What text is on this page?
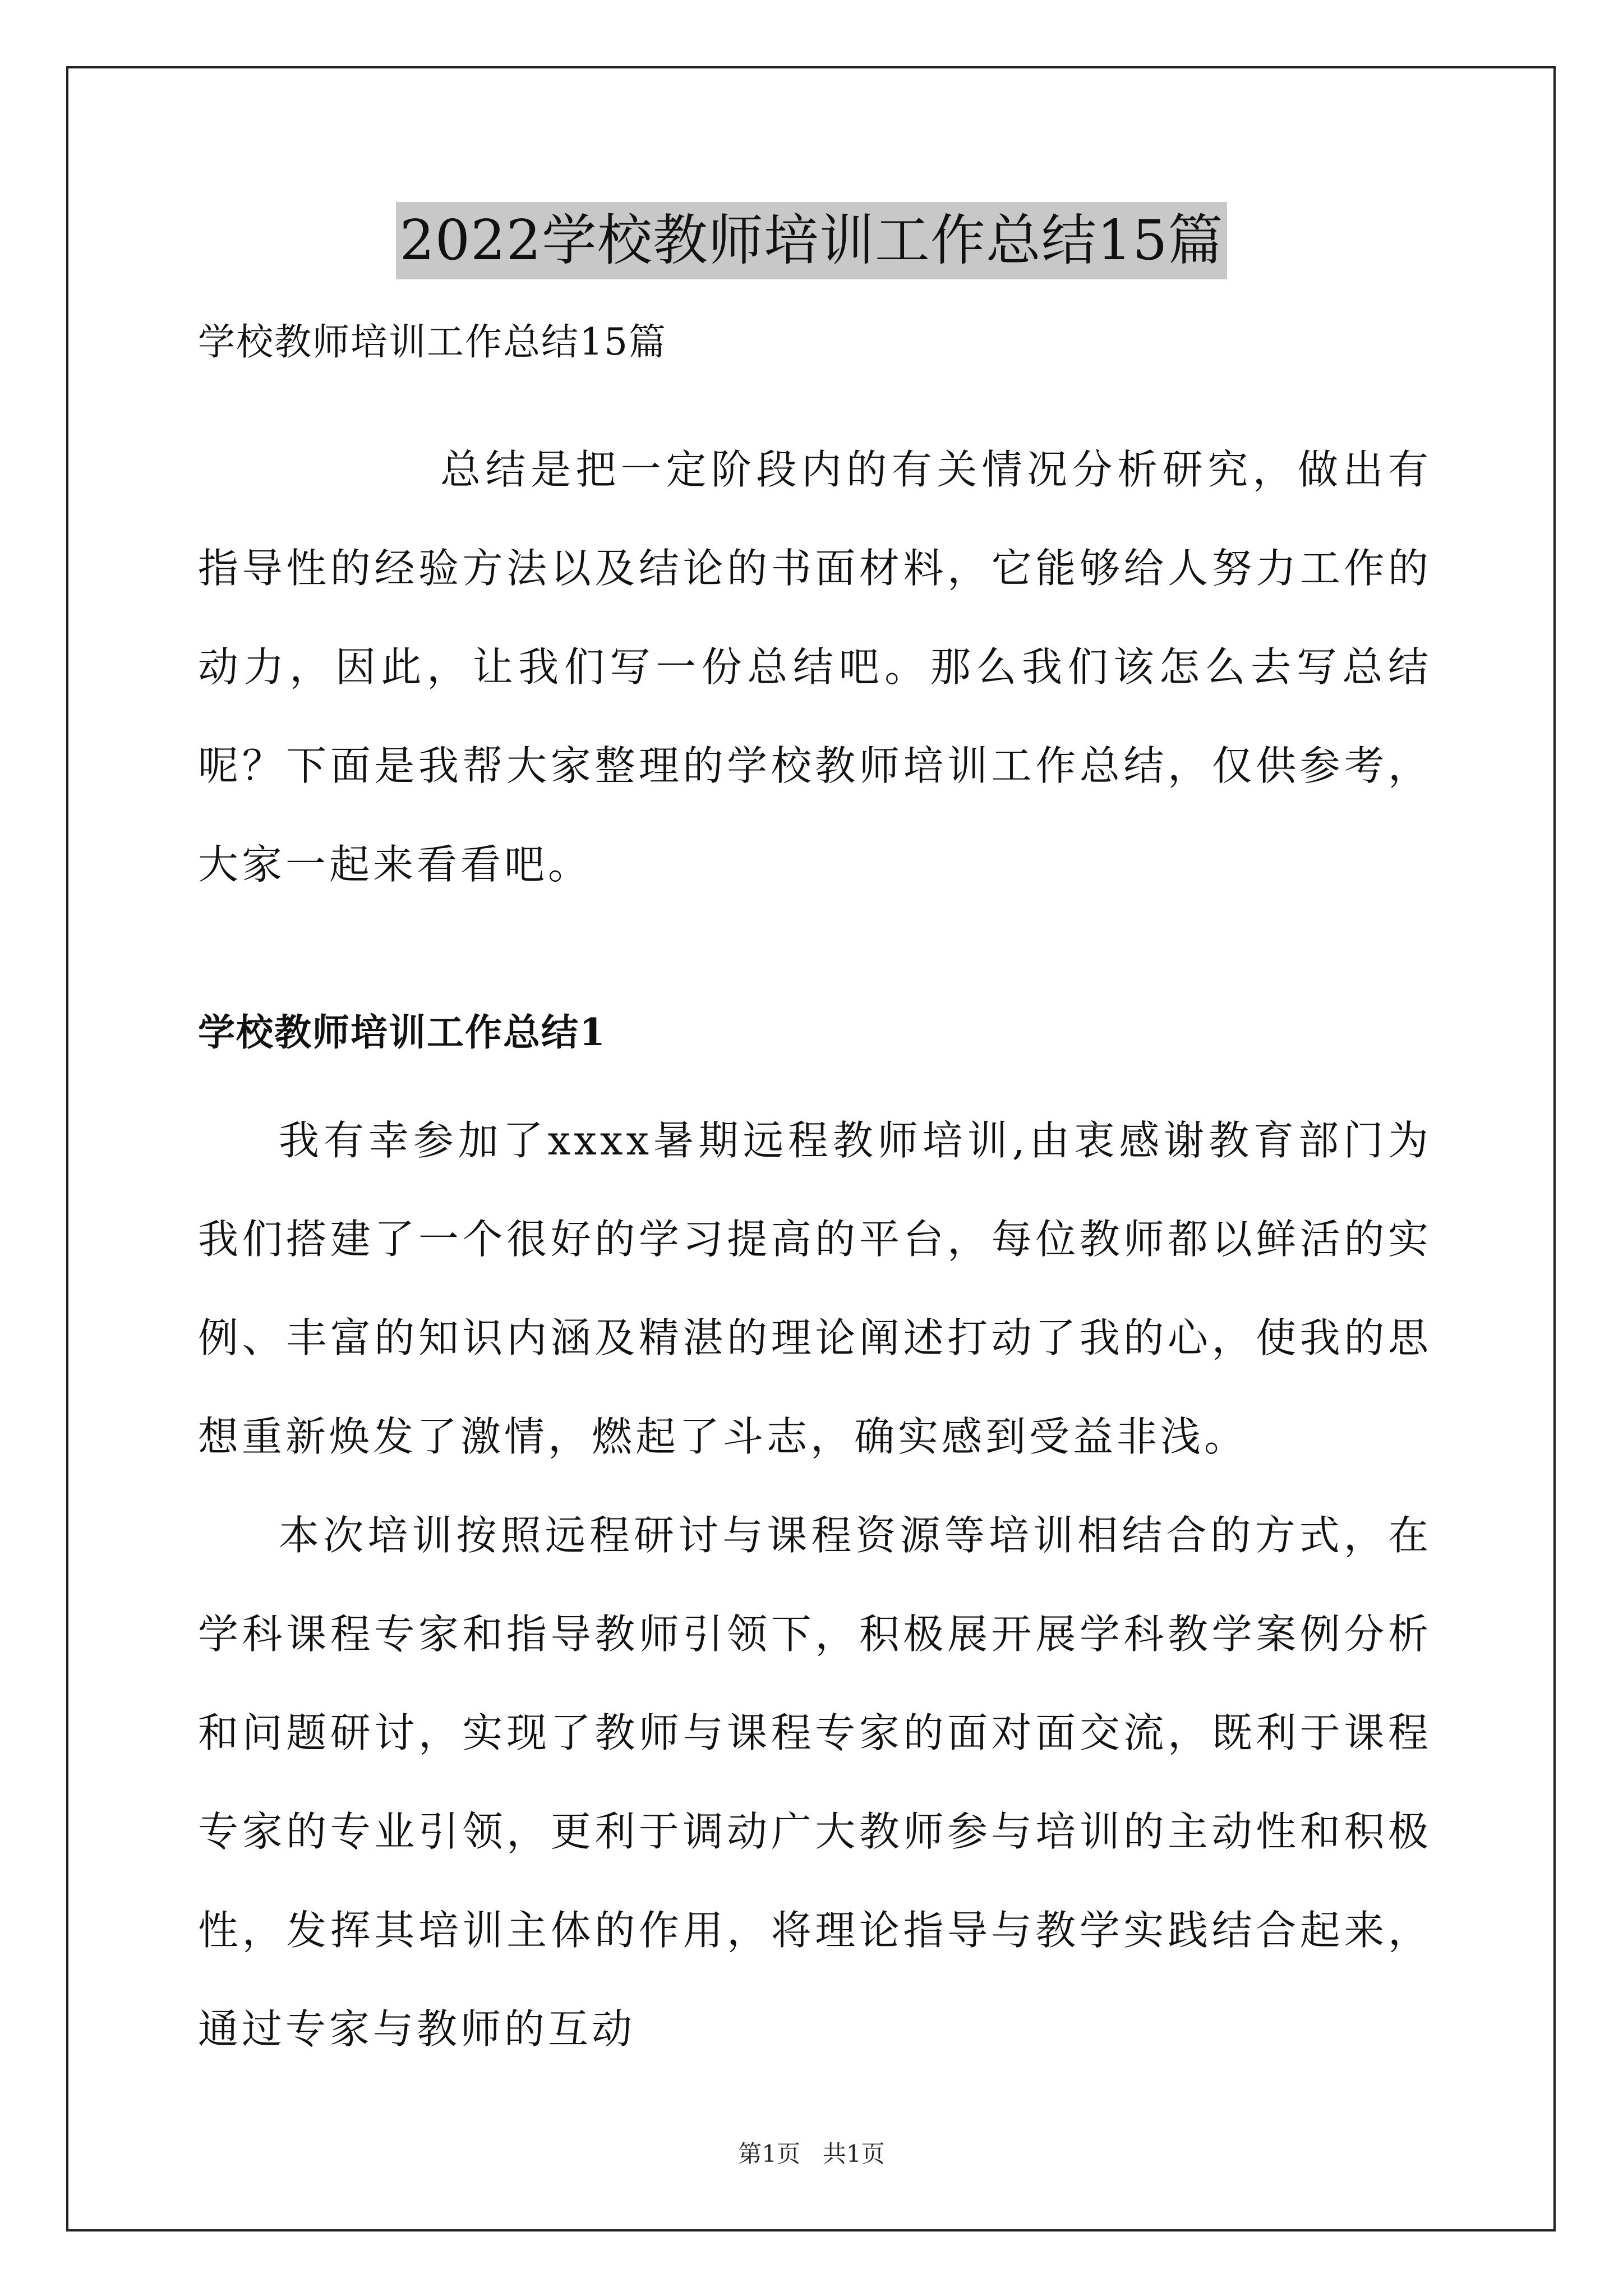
2022学校教师培训工作总结15篇

学校教师培训工作总结15篇

总结是把一定阶段内的有关情况分析研究，做出有指导性的经验方法以及结论的书面材料，它能够给人努力工作的动力，因此，让我们写一份总结吧。那么我们该怎么去写总结呢？下面是我帮大家整理的学校教师培训工作总结，仅供参考，大家一起来看看吧。

学校教师培训工作总结1

我有幸参加了xxxx暑期远程教师培训,由衷感谢教育部门为我们搭建了一个很好的学习提高的平台，每位教师都以鲜活的实例、丰富的知识内涵及精湛的理论阐述打动了我的心，使我的思想重新焕发了激情，燃起了斗志，确实感到受益非浅。

本次培训按照远程研讨与课程资源等培训相结合的方式，在学科课程专家和指导教师引领下，积极展开展学科教学案例分析和问题研讨，实现了教师与课程专家的面对面交流，既利于课程专家的专业引领，更利于调动广大教师参与培训的主动性和积极性，发挥其培训主体的作用，将理论指导与教学实践结合起来，通过专家与教师的互动

第1页 共1页
